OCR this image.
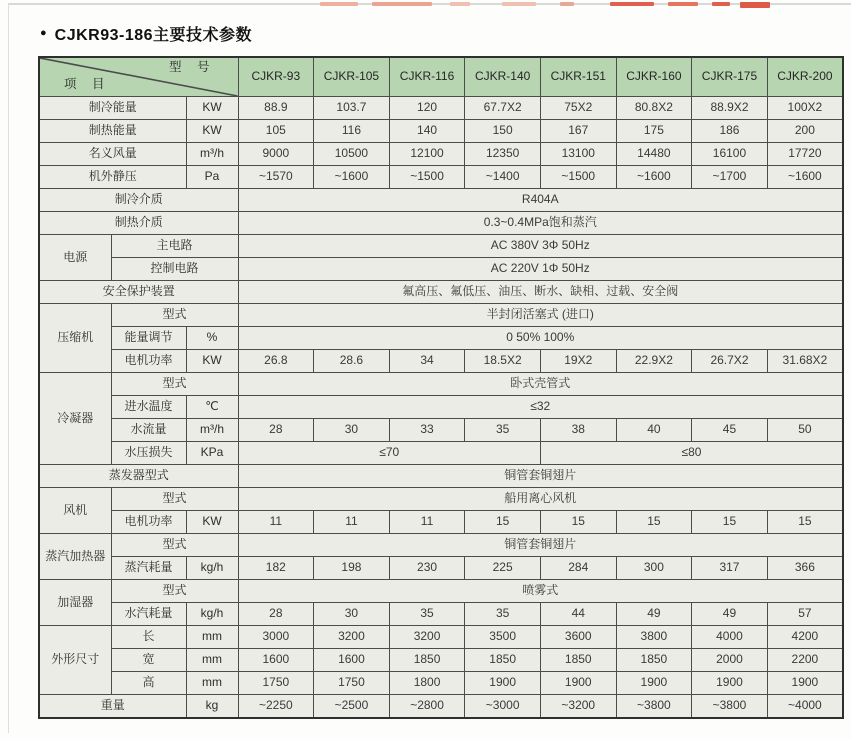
● CJKR93-186主要技术参数
型 号
项 目			CJKR-93	CJKR-105	CJKR-116	CJKR-140	CJKR-151	CJKR-160	CJKR-175	CJKR-200
制冷能量		KW	88.9	103.7	120	67.7X2	75X2	80.8X2	88.9X2	100X2
制热能量		KW	105	116	140	150	167	175	186	200
名义风量		m³/h	9000	10500	12100	12350	13100	14480	16100	17720
机外静压		Pa	~1570	~1600	~1500	~1400	~1500	~1600	~1700	~1600
制冷介质			R404A							
制热介质			0.3~0.4MPa饱和蒸汽							
电源	主电路		AC 380V 3Φ 50Hz							
	控制电路		AC 220V 1Φ 50Hz							
安全保护装置			氟高压、氟低压、油压、断水、缺相、过载、安全阀							
压缩机	型式		半封闭活塞式 (进口)							
	能量调节	%	0 50% 100%							
	电机功率	KW	26.8	28.6	34	18.5X2	19X2	22.9X2	26.7X2	31.68X2
冷凝器	型式		卧式壳管式							
	进水温度	℃	≤32							
	水流量	m³/h	28	30	33	35	38	40	45	50
	水压损失	KPa	≤70				≤80			
蒸发器型式			铜管套铜翅片							
风机	型式		船用离心风机							
	电机功率	KW	11	11	11	15	15	15	15	15
蒸汽加热器	型式		铜管套铜翅片							
	蒸汽耗量	kg/h	182	198	230	225	284	300	317	366
加湿器	型式		喷雾式							
	水汽耗量	kg/h	28	30	35	35	44	49	49	57
外形尺寸	长	mm	3000	3200	3200	3500	3600	3800	4000	4200
	宽	mm	1600	1600	1850	1850	1850	1850	2000	2200
	高	mm	1750	1750	1800	1900	1900	1900	1900	1900
重量		kg	~2250	~2500	~2800	~3000	~3200	~3800	~3800	~4000
